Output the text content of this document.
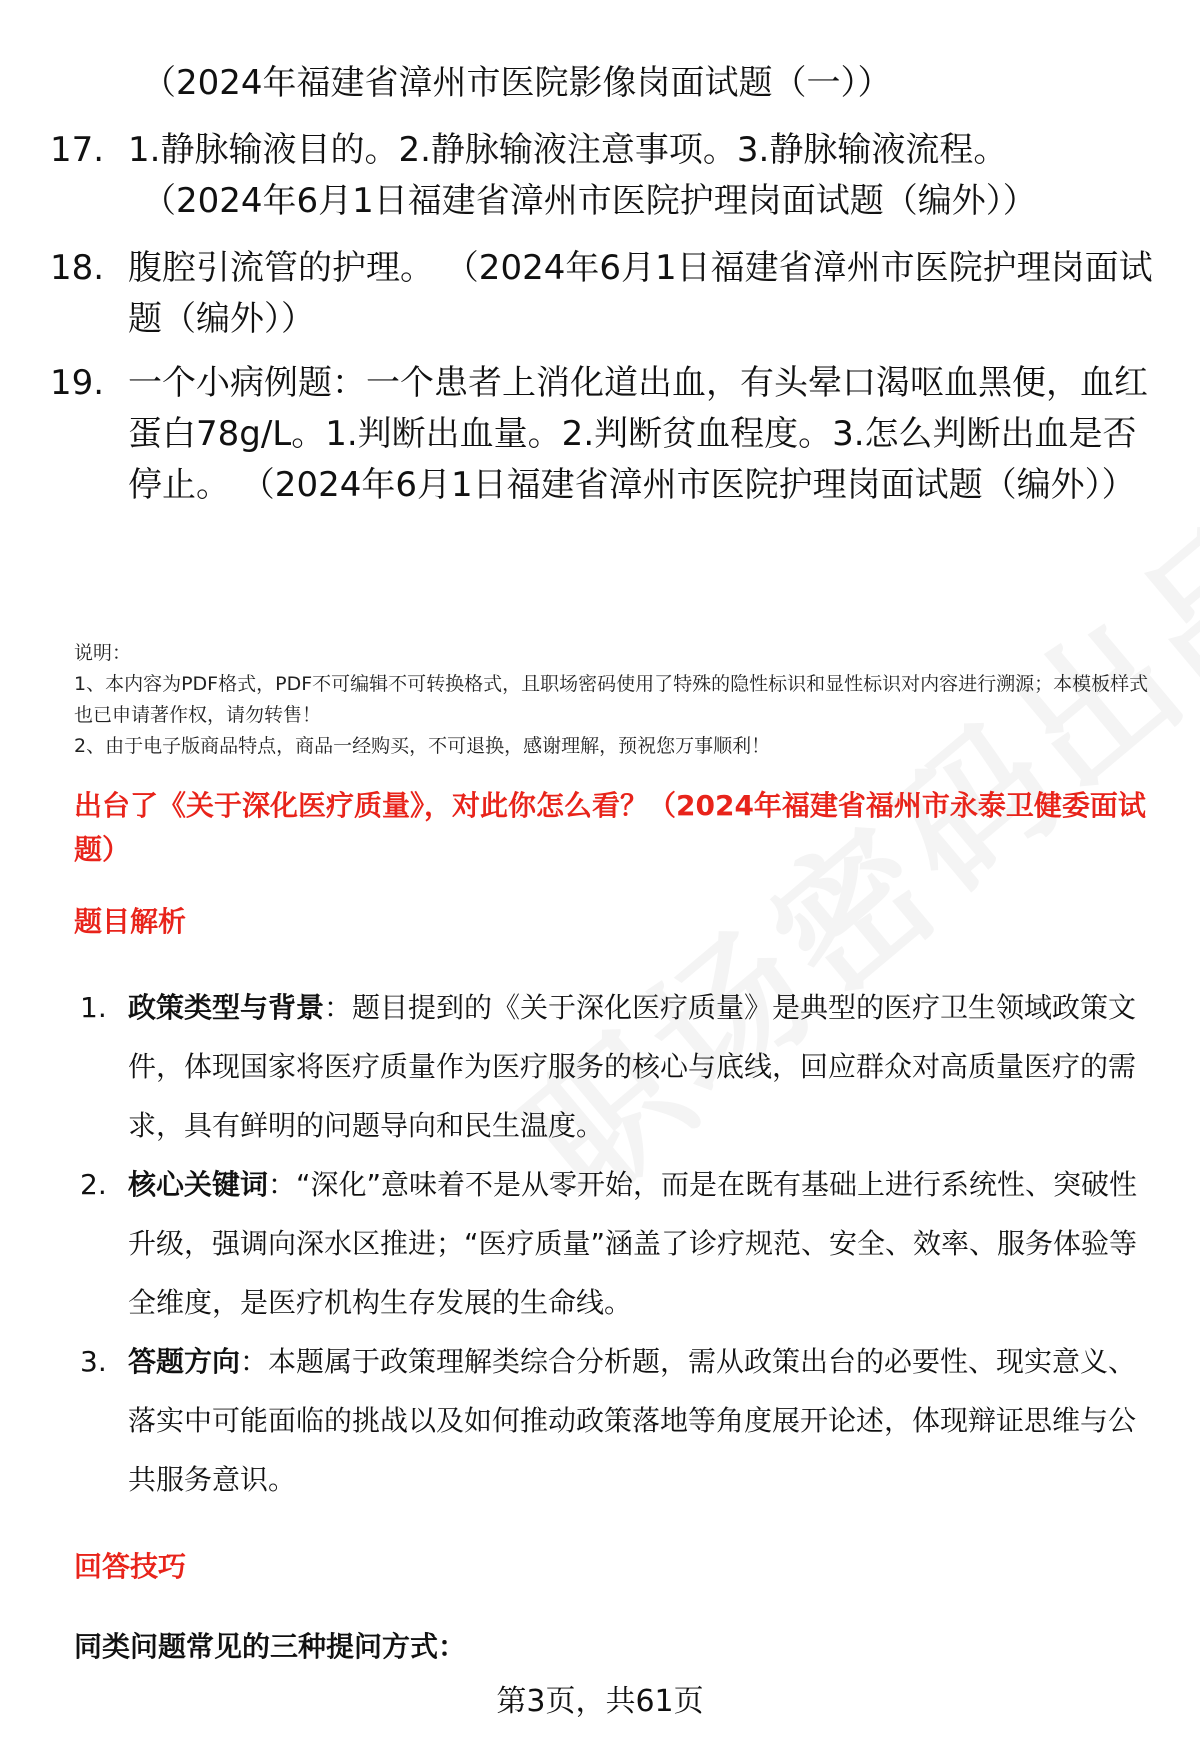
（2024年福建省漳州市医院影像岗面试题（一））
17. 1.静脉输液目的。2.静脉输液注意事项。3.静脉输液流程。
（2024年6月1日福建省漳州市医院护理岗面试题（编外））
18. 腹腔引流管的护理。 （2024年6月1日福建省漳州市医院护理岗面试题（编外））
19. 一个小病例题：一个患者上消化道出血，有头晕口渴呕血黑便，血红蛋白78g/L。1.判断出血量。2.判断贫血程度。3.怎么判断出血是否停止。 （2024年6月1日福建省漳州市医院护理岗面试题（编外））

说明：

1、本内容为PDF格式，PDF不可编辑不可转换格式，且职场密码使用了特殊的隐性标识和显性标识对内容进行溯源；本模板样式也已申请著作权，请勿转售！

2、由于电子版商品特点，商品一经购买，不可退换，感谢理解，预祝您万事顺利！

出台了《关于深化医疗质量》，对此你怎么看？（2024年福建省福州市永泰卫健委面试题）
题目解析
1. 政策类型与背景：题目提到的《关于深化医疗质量》是典型的医疗卫生领域政策文件，体现国家将医疗质量作为医疗服务的核心与底线，回应群众对高质量医疗的需求，具有鲜明的问题导向和民生温度。
2. 核心关键词：“深化”意味着不是从零开始，而是在既有基础上进行系统性、突破性升级，强调向深水区推进；“医疗质量”涵盖了诊疗规范、安全、效率、服务体验等全维度，是医疗机构生存发展的生命线。
3. 答题方向：本题属于政策理解类综合分析题，需从政策出台的必要性、现实意义、落实中可能面临的挑战以及如何推动政策落地等角度展开论述，体现辩证思维与公共服务意识。
回答技巧
同类问题常见的三种提问方式：
第3页，共61页
